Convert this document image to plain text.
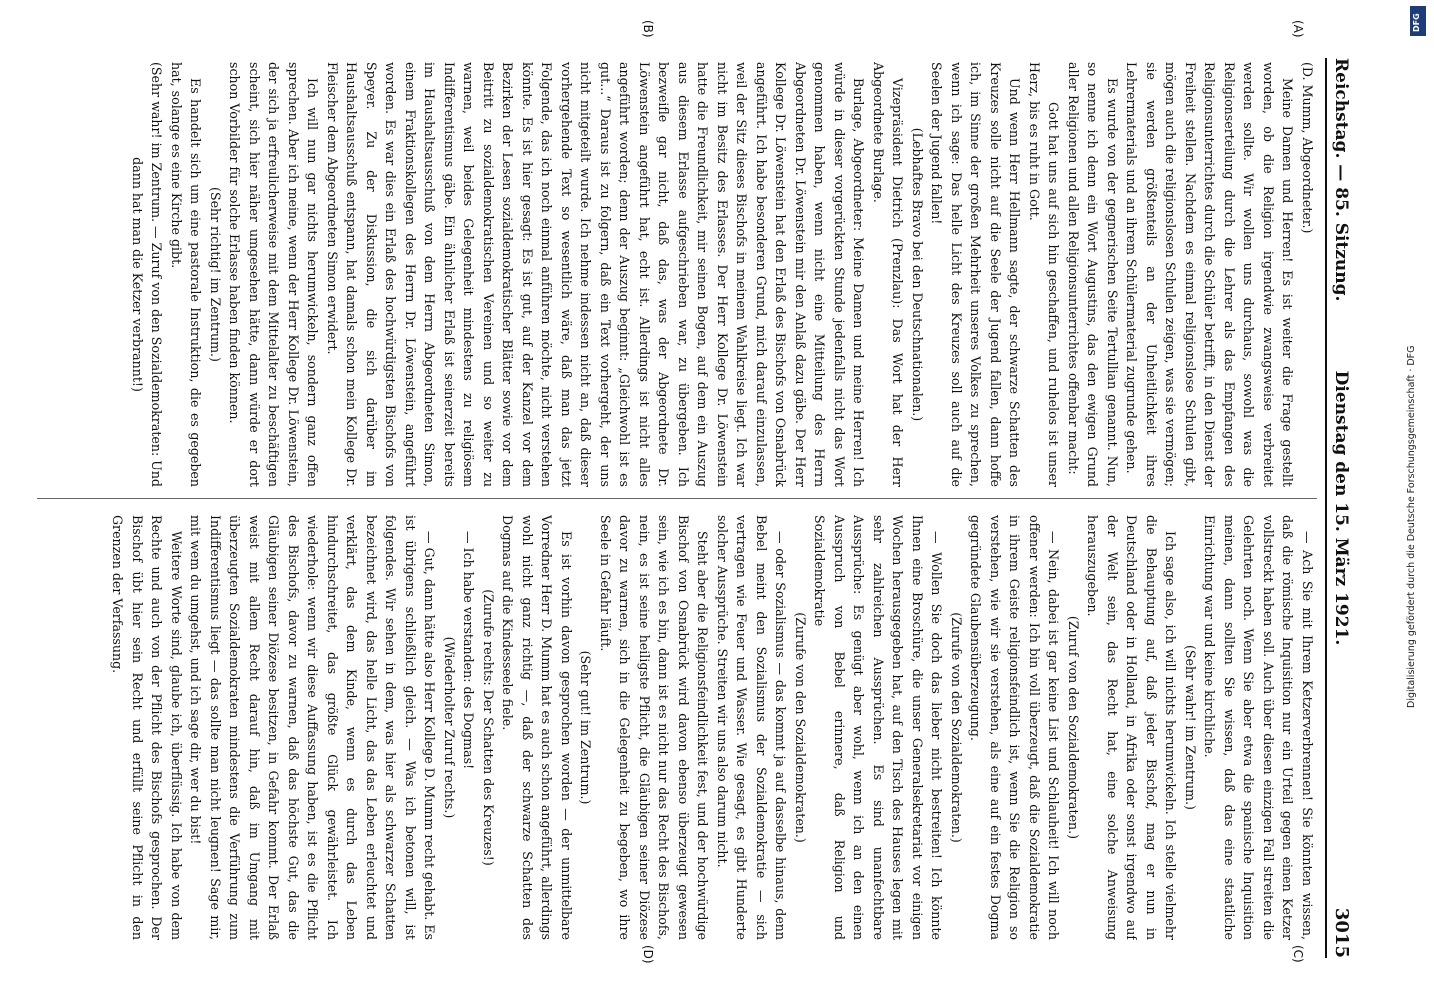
Reichstag. — 85. Sitzung.
Dienstag den 15. März 1921.
3015
(A)
(B)
(C)
(D)

(D. Mumm, Abgeordneter.)

Meine Damen und Herren! Es ist weiter die Frage gestellt worden, ob die Religion irgendwie zwangsweise verbreitet werden sollte. Wir wollen uns durchaus, sowohl was die Religionserteilung durch die Lehrer als das Empfangen des Religionsunterrichtes durch die Schüler betrifft, in den Dienst der Freiheit stellen. Nachdem es einmal religionslose Schulen gibt, mögen auch die religionslosen Schulen zeigen, was sie vermögen; sie werden größtenteils an der Unheitlichkeit ihres Lehrermaterials und an ihrem Schülermaterial zugrunde gehen.

Es wurde von der gegnerischen Seite Tertullian genannt. Nun, so nenne ich denn ein Wort Augustins, das den ewigen Grund aller Religionen und allen Religionsunterrichtes offenbar macht:

Gott hat uns auf sich hin geschaffen, und ruhelos ist unser Herz, bis es ruht in Gott.

Und wenn Herr Hellmann sagte, der schwarze Schatten des Kreuzes solle nicht auf die Seele der Jugend fallen, dann hoffe ich, im Sinne der großen Mehrheit unseres Volkes zu sprechen, wenn ich sage: Das helle Licht des Kreuzes soll auch auf die Seelen der Jugend fallen!

(Lebhaftes Bravo bei den Deutschnationalen.)

Vizepräsident Dietrich (Prenzlau): Das Wort hat der Herr Abgeordnete Burlage.

Burlage, Abgeordneter: Meine Damen und meine Herren! Ich würde in dieser vorgerückten Stunde jedenfalls nicht das Wort genommen haben, wenn nicht eine Mitteilung des Herrn Abgeordneten Dr. Löwenstein mir den Anlaß dazu gäbe. Der Herr Kollege Dr. Löwenstein hat den Erlaß des Bischofs von Osnabrück angeführt. Ich habe besonderen Grund, mich darauf einzulassen, weil der Sitz dieses Bischofs in meinem Wahlkreise liegt. Ich war nicht im Besitz des Erlasses. Der Herr Kollege Dr. Löwenstein hatte die Freundlichkeit, mir seinen Bogen, auf dem ein Auszug aus diesem Erlasse aufgeschrieben war, zu übergeben. Ich bezweifle gar nicht, daß das, was der Abgeordnete Dr. Löwenstein angeführt hat, echt ist. Allerdings ist nicht alles angeführt worden; denn der Auszug beginnt: „Gleichwohl ist es gut...“ Daraus ist zu folgern, daß ein Text vorhergeht, der uns nicht mitgeteilt wurde. Ich nehme indessen nicht an, daß dieser vorhergehende Text so wesentlich wäre, daß man das jetzt Folgende, das ich noch einmal anführen möchte, nicht verstehen könnte. Es ist hier gesagt: Es ist gut, auf der Kanzel vor dem Bezirken der Lesen sozialdemokratischer Blätter sowie vor dem Beitritt zu sozialdemokratischen Vereinen und so weiter zu warnen, weil beides Gelegenheit mindestens zu religiösem Indifferentismus gäbe. Ein ähnlicher Erlaß ist seinerzeit bereits im Haushaltsausschuß von dem Herrn Abgeordneten Simon, einem Fraktionskollegen des Herrn Dr. Löwenstein, angeführt worden. Es war dies ein Erlaß des hochwürdigsten Bischofs von Speyer. Zu der Diskussion, die sich darüber im Haushaltsausschuß entspann, hat damals schon mein Kollege Dr. Fleischer dem Abgeordneten Simon erwidert.

Ich will nun gar nichts herumwickeln, sondern ganz offen sprechen. Aber ich meine, wenn der Herr Kollege Dr. Löwenstein, der sich ja erfreulicherweise mit dem Mittelalter zu beschäftigen scheint, sich hier näher umgesehen hätte, dann würde er dort schon Vorbilder für solche Erlasse haben finden können.

(Sehr richtig! im Zentrum.)

Es handelt sich um eine pastorale Instruktion, die es gegeben hat, solange es eine Kirche gibt.

(Sehr wahr! im Zentrum. — Zuruf von den Sozialdemokraten: Und dann hat man die Ketzer verbrannt!)

— Ach Sie mit Ihrem Ketzerverbrennen! Sie könnten wissen, daß die römische Inquisition nur ein Urteil gegen einen Ketzer vollstreckt haben soll. Auch über diesen einzigen Fall streiten die Gelehrten noch. Wenn Sie aber etwa die spanische Inquisition meinen, dann sollten Sie wissen, daß das eine staatliche Einrichtung war und keine kirchliche.

(Sehr wahr! im Zentrum.)

Ich sage also, ich will nichts herumwickeln. Ich stelle vielmehr die Behauptung auf, daß jeder Bischof, mag er nun in Deutschland oder in Holland, in Afrika oder sonst irgendwo auf der Welt sein, das Recht hat, eine solche Anweisung herauszugeben.

(Zuruf von den Sozialdemokraten.)

— Nein, dabei ist gar keine List und Schlauheit! Ich will noch offener werden: Ich bin voll überzeugt, daß die Sozialdemokratie in ihrem Geiste religionsfeindlich ist, wenn Sie die Religion so verstehen, wie wir sie verstehen, als eine auf ein festes Dogma gegründete Glaubensüberzeugung.

(Zurufe von den Sozialdemokraten.)

— Wollen Sie doch das lieber nicht bestreiten! Ich könnte Ihnen eine Broschüre, die unser Generalsekretariat vor einigen Wochen herausgegeben hat, auf den Tisch des Hauses legen mit sehr zahlreichen Aussprüchen. Es sind unanfechtbare Aussprüche: Es genügt aber wohl, wenn ich an den einen Ausspruch von Bebel erinnere, daß Religion und Sozialdemokratie

(Zurufe von den Sozialdemokraten.)

— oder Sozialismus — das kommt ja auf dasselbe hinaus, denn Bebel meint den Sozialismus der Sozialdemokratie — sich vertragen wie Feuer und Wasser. Wie gesagt, es gibt Hunderte solcher Aussprüche. Streiten wir uns also darum nicht.

Steht aber die Religionsfeindlichkeit fest, und der hochwürdige Bischof von Osnabrück wird davon ebenso überzeugt gewesen sein, wie ich es bin, dann ist es nicht nur das Recht des Bischofs, nein, es ist seine heiligste Pflicht, die Gläubigen seiner Diözese davor zu warnen, sich in die Gelegenheit zu begeben, wo ihre Seele in Gefahr läuft.

(Sehr gut! im Zentrum.)

Es ist vorhin davon gesprochen worden — der unmittelbare Vorredner Herr D. Mumm hat es auch schon angeführt, allerdings wohl nicht ganz richtig —, daß der schwarze Schatten des Dogmas auf die Kindesseele fiele.

(Zurufe rechts: Der Schatten des Kreuzes!)

— Ich habe verstanden: des Dogmas!

(Wiederholter Zuruf rechts.)

— Gut, dann hätte also Herr Kollege D. Mumm recht gehabt. Es ist übrigens schließlich gleich. — Was ich betonen will, ist folgendes. Wir sehen in dem, was hier als schwarzer Schatten bezeichnet wird, das helle Licht, das das Leben erleuchtet und verklärt, das dem Kinde, wenn es durch das Leben hindurchschreitet, das größte Glück gewährleistet. Ich wiederhole: wenn wir diese Auffassung haben, ist es die Pflicht des Bischofs, davor zu warnen, daß das höchste Gut, das die Gläubigen seiner Diözese besitzen, in Gefahr kommt. Der Erlaß weist mit allem Recht darauf hin, daß im Umgang mit überzeugten Sozialdemokraten mindestens die Verführung zum Indifferentismus liegt — das sollte man nicht leugnen! Sage mir, mit wem du umgehst, und ich sage dir, wer du bist!

Weitere Worte sind, glaube ich, überflüssig. Ich habe von dem Rechte und auch von der Pflicht des Bischofs gesprochen. Der Bischof übt hier sein Recht und erfüllt seine Pflicht in den Grenzen der Verfassung.	Digitalisierung gefördert durch die Deutsche Forschungsgemeinschaft · DFG
DFG
